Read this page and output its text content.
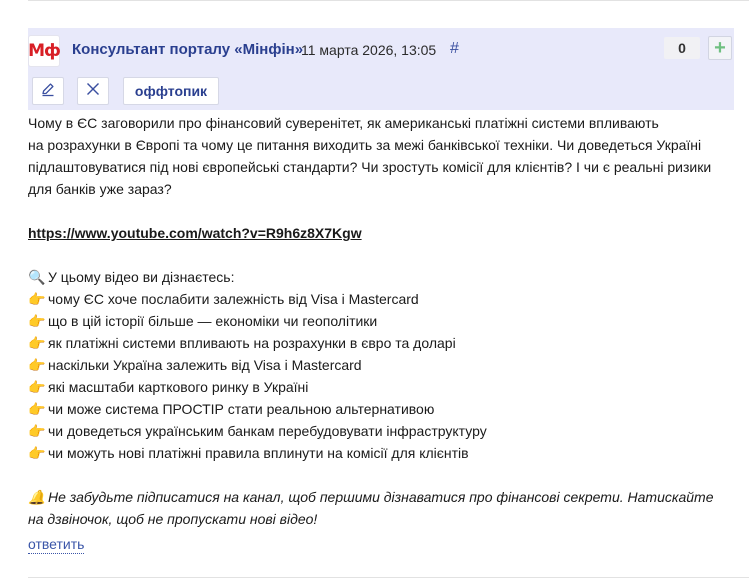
Мф Консультант порталу «Мінфін»
11 марта 2026, 13:05 #	0	+
оффтопик

Чому в ЄС заговорили про фінансовий суверенітет, як американські платіжні системи впливають

на розрахунки в Європі та чому це питання виходить за межі банківської техніки. Чи доведеться Україні

підлаштовуватися під нові європейські стандарти? Чи зростуть комісії для клієнтів? І чи є реальні ризики

для банків уже зараз?

https://www.youtube.com/watch?v=R9h6z8X7Kgw

🔍 У цьому відео ви дізнаєтесь:

👉 чому ЄС хоче послабити залежність від Visa і Mastercard

👉 що в цій історії більше — економіки чи геополітики

👉 як платіжні системи впливають на розрахунки в євро та доларі

👉 наскільки Україна залежить від Visa і Mastercard

👉 які масштаби карткового ринку в Україні

👉 чи може система ПРОСТІР стати реальною альтернативою

👉 чи доведеться українським банкам перебудовувати інфраструктуру

👉 чи можуть нові платіжні правила вплинути на комісії для клієнтів

🔔 Не забудьте підписатися на канал, щоб першими дізнаватися про фінансові секрети. Натискайте

на дзвіночок, щоб не пропускати нові відео!

ответить
